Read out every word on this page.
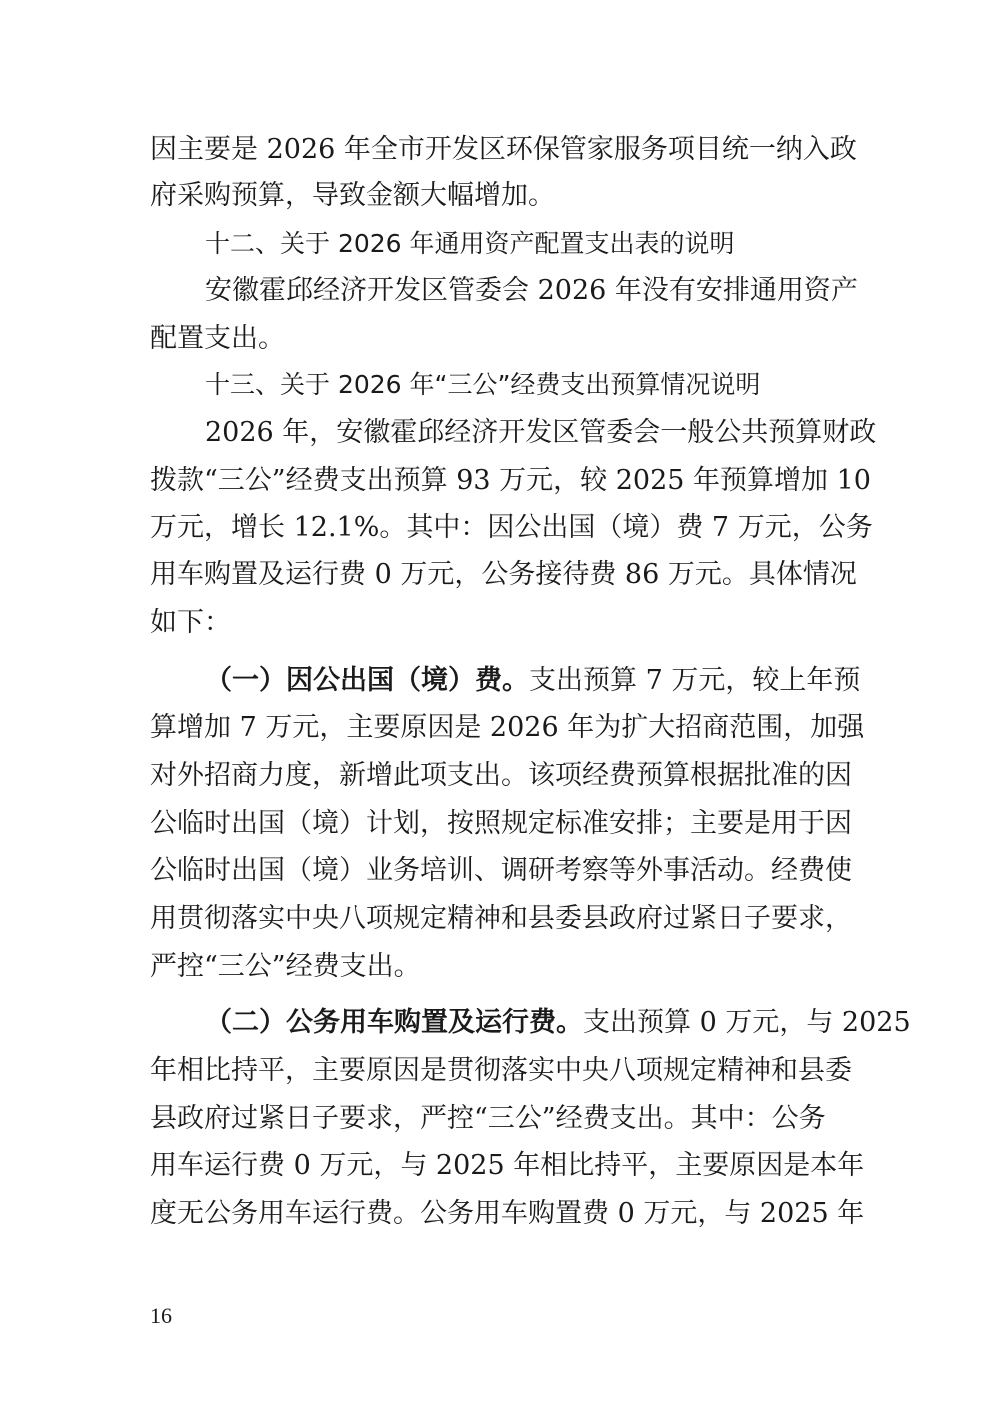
因主要是 2026 年全市开发区环保管家服务项目统一纳入政
府采购预算，导致金额大幅增加。
十二、关于 2026 年通用资产配置支出表的说明
安徽霍邱经济开发区管委会 2026 年没有安排通用资产
配置支出。
十三、关于 2026 年“三公”经费支出预算情况说明
2026 年，安徽霍邱经济开发区管委会一般公共预算财政
拨款“三公”经费支出预算 93 万元，较 2025 年预算增加 10
万元，增长 12.1%。其中：因公出国（境）费 7 万元，公务
用车购置及运行费 0 万元，公务接待费 86 万元。具体情况
如下：
（一）因公出国（境）费。支出预算 7 万元，较上年预
算增加 7 万元，主要原因是 2026 年为扩大招商范围，加强
对外招商力度，新增此项支出。该项经费预算根据批准的因
公临时出国（境）计划，按照规定标准安排；主要是用于因
公临时出国（境）业务培训、调研考察等外事活动。经费使
用贯彻落实中央八项规定精神和县委县政府过紧日子要求，
严控“三公”经费支出。
（二）公务用车购置及运行费。支出预算 0 万元，与 2025
年相比持平，主要原因是贯彻落实中央八项规定精神和县委
县政府过紧日子要求，严控“三公”经费支出。其中：公务
用车运行费 0 万元，与 2025 年相比持平，主要原因是本年
度无公务用车运行费。公务用车购置费 0 万元，与 2025 年
16
